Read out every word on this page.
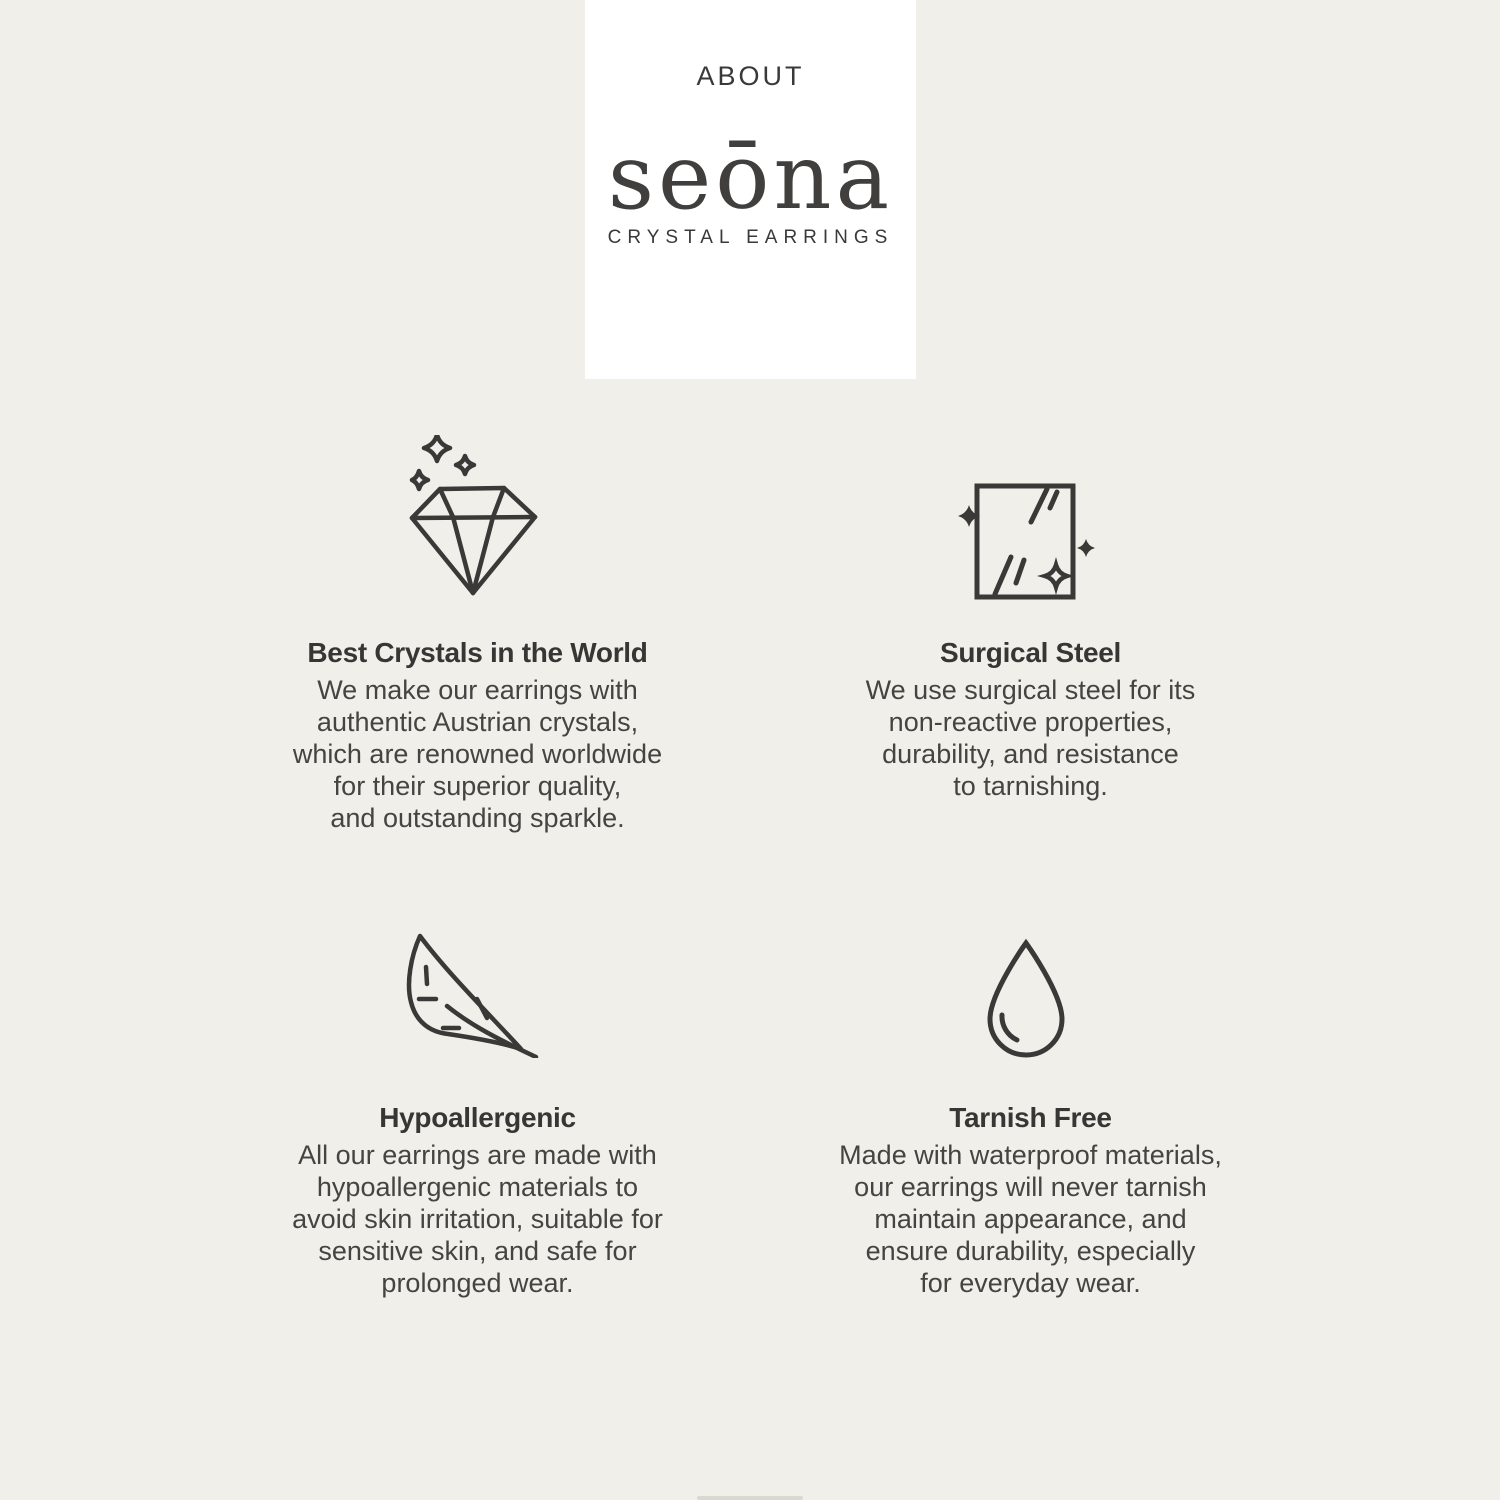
ABOUT
seōna
CRYSTAL EARRINGS
Best Crystals in the World
We make our earrings with
authentic Austrian crystals,
which are renowned worldwide
for their superior quality,
and outstanding sparkle.
Surgical Steel
We use surgical steel for its
non-reactive properties,
durability, and resistance
to tarnishing.
Hypoallergenic
All our earrings are made with
hypoallergenic materials to
avoid skin irritation, suitable for
sensitive skin, and safe for
prolonged wear.
Tarnish Free
Made with waterproof materials,
our earrings will never tarnish
maintain appearance, and
ensure durability, especially
for everyday wear.
